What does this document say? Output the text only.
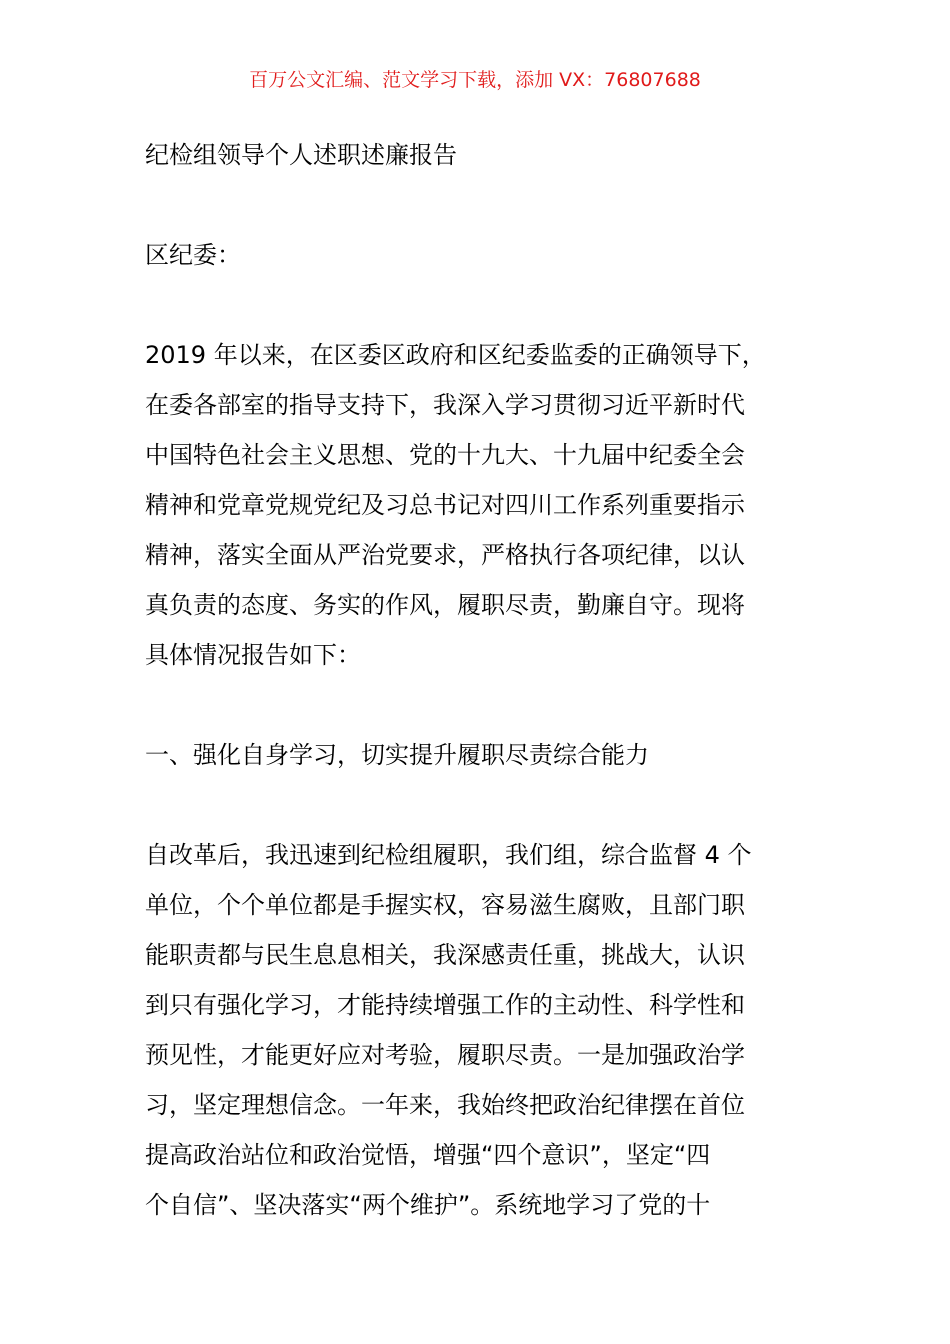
百万公文汇编、范文学习下载，添加 VX：76807688
纪检组领导个人述职述廉报告
区纪委：
2019 年以来，在区委区政府和区纪委监委的正确领导下，
在委各部室的指导支持下，我深入学习贯彻习近平新时代
中国特色社会主义思想、党的十九大、十九届中纪委全会
精神和党章党规党纪及习总书记对四川工作系列重要指示
精神，落实全面从严治党要求，严格执行各项纪律，以认
真负责的态度、务实的作风，履职尽责，勤廉自守。现将
具体情况报告如下：
一、强化自身学习，切实提升履职尽责综合能力
自改革后，我迅速到纪检组履职，我们组，综合监督 4 个
单位，个个单位都是手握实权，容易滋生腐败，且部门职
能职责都与民生息息相关，我深感责任重，挑战大，认识
到只有强化学习，才能持续增强工作的主动性、科学性和
预见性，才能更好应对考验，履职尽责。一是加强政治学
习，坚定理想信念。一年来，我始终把政治纪律摆在首位
提高政治站位和政治觉悟，增强“四个意识”，坚定“四
个自信”、坚决落实“两个维护”。系统地学习了党的十
